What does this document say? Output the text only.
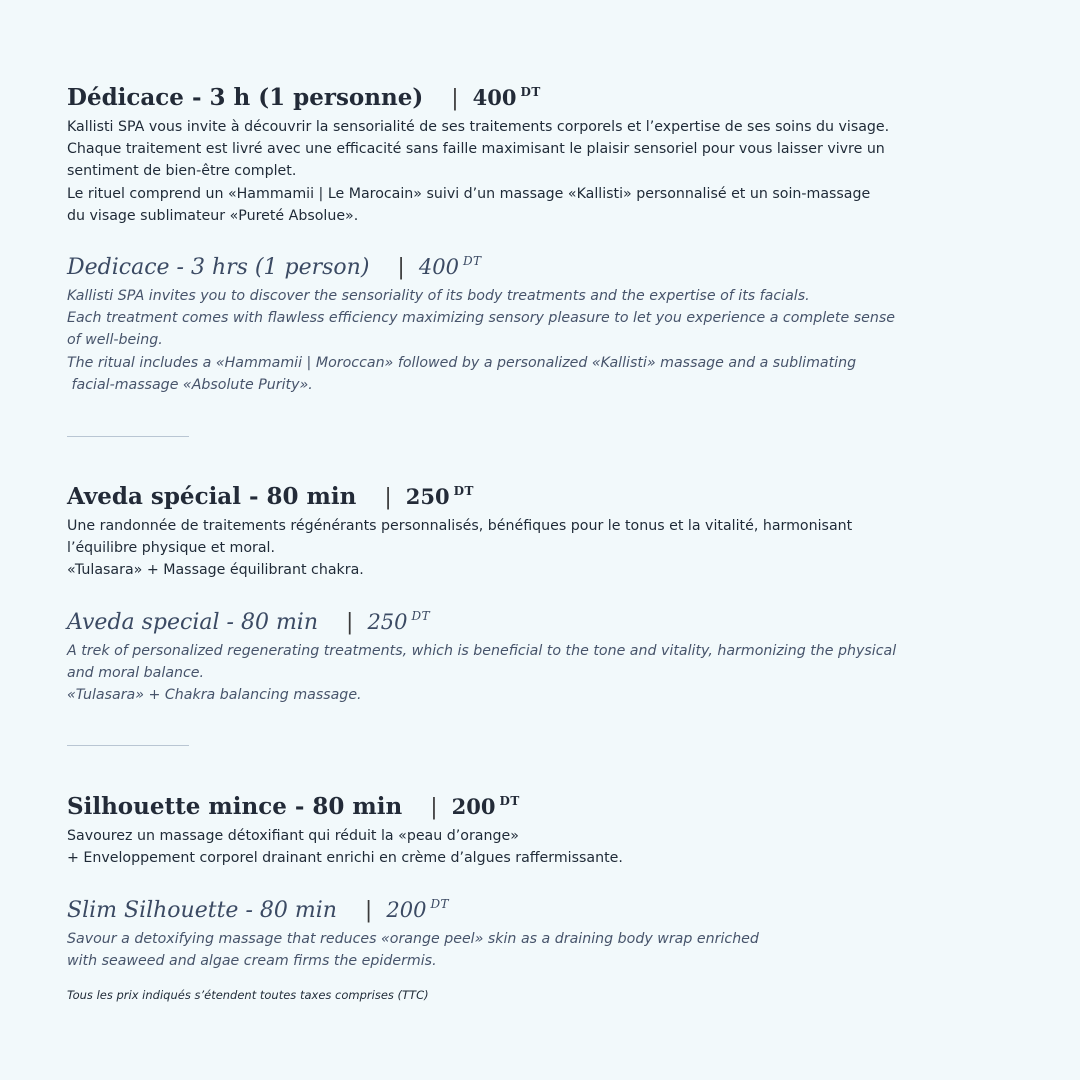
Dédicace - 3 h (1 personne) | 400 $^{DT}$

Kallisti SPA vous invite à découvrir la sensorialité de ses traitements corporels et l’expertise de ses soins du visage.

Chaque traitement est livré avec une efficacité sans faille maximisant le plaisir sensoriel pour vous laisser vivre un

sentiment de bien-être complet.

Le rituel comprend un «Hammamii | Le Marocain» suivi d’un massage «Kallisti» personnalisé et un soin-massage

du visage sublimateur «Pureté Absolue».

Dedicace - 3 hrs (1 person) | 400 $^{DT}$

Kallisti SPA invites you to discover the sensoriality of its body treatments and the expertise of its facials.

Each treatment comes with flawless efficiency maximizing sensory pleasure to let you experience a complete sense

of well-being.

The ritual includes a «Hammamii | Moroccan» followed by a personalized «Kallisti» massage and a sublimating

facial-massage «Absolute Purity».

Aveda spécial - 80 min | 250 $^{DT}$

Une randonnée de traitements régénérants personnalisés, bénéfiques pour le tonus et la vitalité, harmonisant

l’équilibre physique et moral.

«Tulasara» + Massage équilibrant chakra.

Aveda special - 80 min | 250 $^{DT}$

A trek of personalized regenerating treatments, which is beneficial to the tone and vitality, harmonizing the physical

and moral balance.

«Tulasara» + Chakra balancing massage.

Silhouette mince - 80 min | 200 $^{DT}$

Savourez un massage détoxifiant qui réduit la «peau d’orange»

+ Enveloppement corporel drainant enrichi en crème d’algues raffermissante.

Slim Silhouette - 80 min | 200 $^{DT}$

Savour a detoxifying massage that reduces «orange peel» skin as a draining body wrap enriched

with seaweed and algae cream firms the epidermis.

Tous les prix indiqués s’étendent toutes taxes comprises (TTC)
